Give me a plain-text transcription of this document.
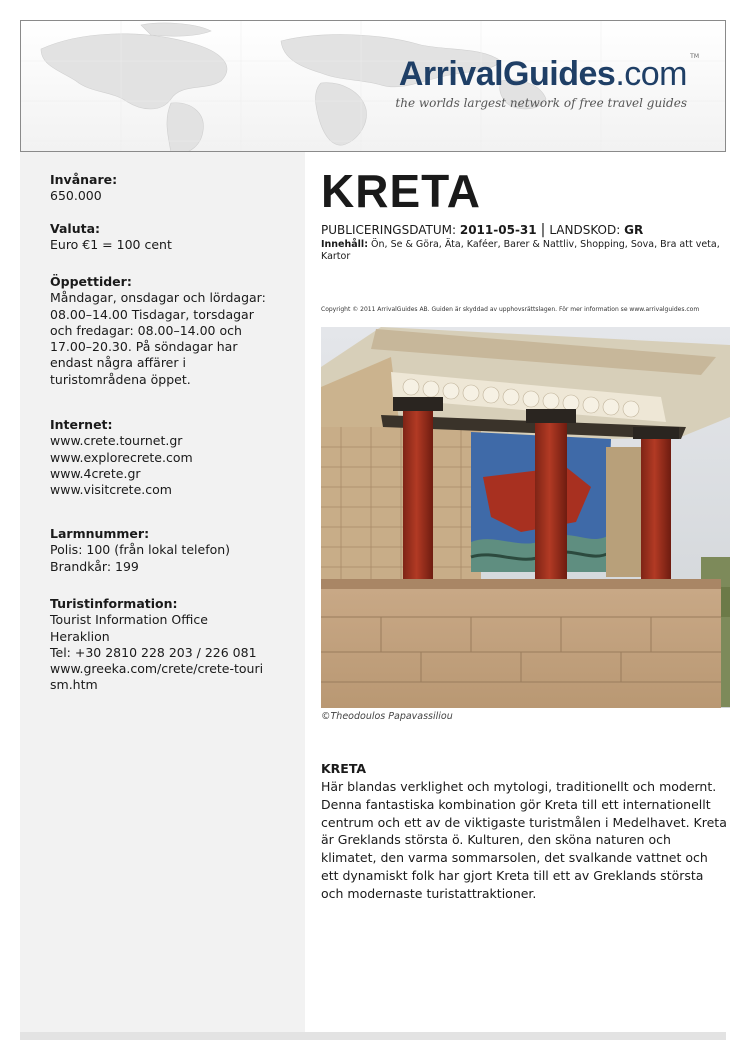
ArrivalGuides.com TM
the worlds largest network of free travel guides
Invånare:
650.000
Valuta:
Euro €1 = 100 cent
Öppettider:
Måndagar, onsdagar och lördagar:
08.00–14.00 Tisdagar, torsdagar
och fredagar: 08.00–14.00 och
17.00–20.30. På söndagar har
endast några affärer i
turistområdena öppet.
Internet:
www.crete.tournet.gr
www.explorecrete.com
www.4crete.gr
www.visitcrete.com
Larmnummer:
Polis: 100 (från lokal telefon)
Brandkår: 199
Turistinformation:
Tourist Information Office
Heraklion
Tel: +30 2810 228 203 / 226 081
www.greeka.com/crete/crete-touri
sm.htm
KRETA
PUBLICERINGSDATUM: 2011-05-31 | LANDSKOD: GR
Innehåll: Ön, Se & Göra, Äta, Kaféer, Barer & Nattliv, Shopping, Sova, Bra att veta, Kartor
Copyright © 2011 ArrivalGuides AB. Guiden är skyddad av upphovsrättslagen. För mer information se www.arrivalguides.com
©Theodoulos Papavassiliou
KRETA
Här blandas verklighet och mytologi, traditionellt och modernt. Denna fantastiska kombination gör Kreta till ett internationellt centrum och ett av de viktigaste turistmålen i Medelhavet. Kreta är Greklands största ö. Kulturen, den sköna naturen och klimatet, den varma sommarsolen, det svalkande vattnet och ett dynamiskt folk har gjort Kreta till ett av Greklands största och modernaste turistattraktioner.
